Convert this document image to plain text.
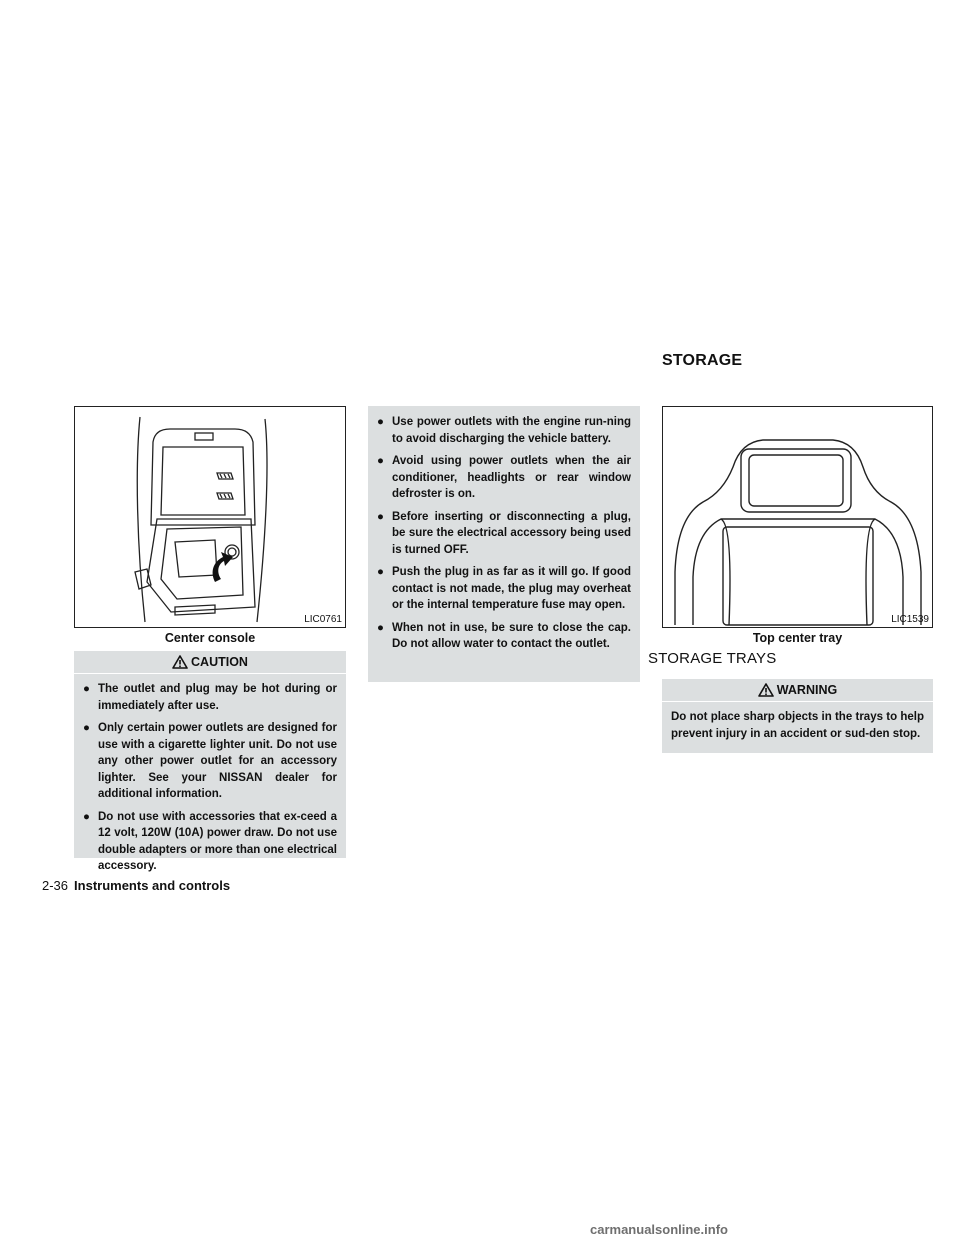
STORAGE
LIC0761
Center console
LIC1539
Top center tray
CAUTION
● The outlet and plug may be hot during or immediately after use.
● Only certain power outlets are designed for use with a cigarette lighter unit. Do not use any other power outlet for an accessory lighter. See your NISSAN dealer for additional information.
● Do not use with accessories that ex-ceed a 12 volt, 120W (10A) power draw. Do not use double adapters or more than one electrical accessory.
● Use power outlets with the engine run-ning to avoid discharging the vehicle battery.
● Avoid using power outlets when the air conditioner, headlights or rear window defroster is on.
● Before inserting or disconnecting a plug, be sure the electrical accessory being used is turned OFF.
● Push the plug in as far as it will go. If good contact is not made, the plug may overheat or the internal temperature fuse may open.
● When not in use, be sure to close the cap. Do not allow water to contact the outlet.
STORAGE TRAYS
WARNING
Do not place sharp objects in the trays to help prevent injury in an accident or sud-den stop.
2-36 Instruments and controls
carmanualsonline.info
